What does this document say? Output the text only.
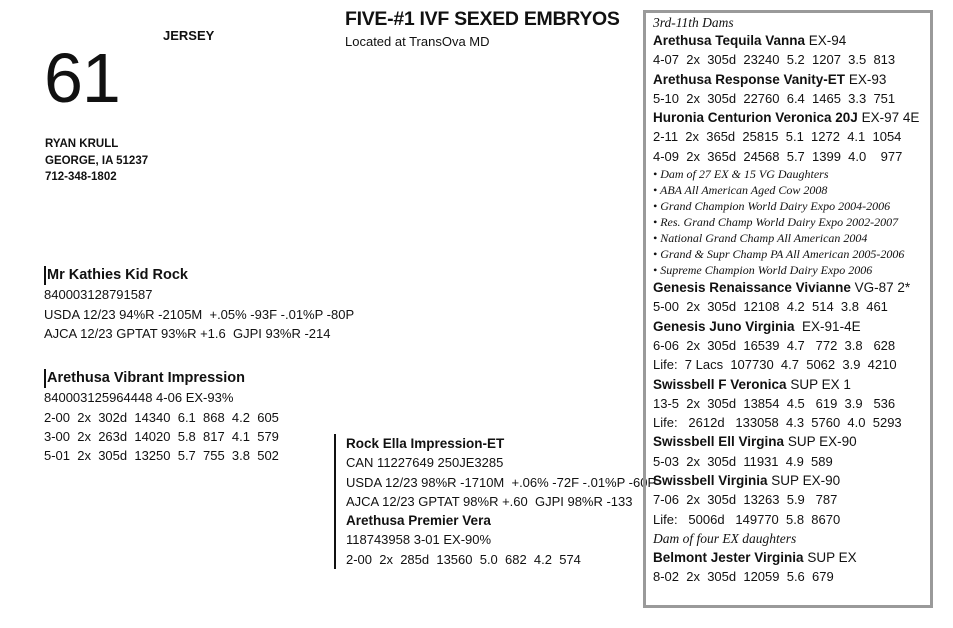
61
JERSEY
RYAN KRULL
GEORGE, IA 51237
712-348-1802
FIVE-#1 IVF SEXED EMBRYOS
Located at TransOva MD
Mr Kathies Kid Rock
840003128791587
USDA 12/23 94%R -2105M  +.05% -93F -.01%P -80P
AJCA 12/23 GPTAT 93%R +1.6  GJPI 93%R -214
Arethusa Vibrant Impression
840003125964448 4-06 EX-93%
2-00  2x  302d  14340  6.1  868  4.2  605
3-00  2x  263d  14020  5.8  817  4.1  579
5-01  2x  305d  13250  5.7  755  3.8  502
Rock Ella Impression-ET
CAN 11227649 250JE3285
USDA 12/23 98%R -1710M  +.06% -72F -.01%P -60P
AJCA 12/23 GPTAT 98%R +.60  GJPI 98%R -133
Arethusa Premier Vera
118743958 3-01 EX-90%
2-00  2x  285d  13560  5.0  682  4.2  574
3rd-11th Dams
Arethusa Tequila Vanna EX-94
4-07  2x  305d  23240  5.2  1207  3.5  813
Arethusa Response Vanity-ET EX-93
5-10  2x  305d  22760  6.4  1465  3.3  751
Huronia Centurion Veronica 20J EX-97 4E
2-11  2x  365d  25815  5.1  1272  4.1  1054
4-09  2x  365d  24568  5.7  1399  4.0    977
• Dam of 27 EX & 15 VG Daughters
• ABA All American Aged Cow 2008
• Grand Champion World Dairy Expo 2004-2006
• Res. Grand Champ World Dairy Expo 2002-2007
• National Grand Champ All American 2004
• Grand & Supr Champ PA All American 2005-2006
• Supreme Champion World Dairy Expo 2006
Genesis Renaissance Vivianne VG-87 2*
5-00  2x  305d  12108  4.2  514  3.8  461
Genesis Juno Virginia  EX-91-4E
6-06  2x  305d  16539  4.7   772  3.8   628
Life:  7 Lacs  107730  4.7  5062  3.9  4210
Swissbell F Veronica SUP EX 1
13-5  2x  305d  13854  4.5   619  3.9   536
Life:   2612d   133058  4.3  5760  4.0  5293
Swissbell Ell Virgina SUP EX-90
5-03  2x  305d  11931  4.9  589
Swissbell Virginia SUP EX-90
7-06  2x  305d  13263  5.9   787
Life:   5006d   149770  5.8  8670
Dam of four EX daughters
Belmont Jester Virginia SUP EX
8-02  2x  305d  12059  5.6  679
